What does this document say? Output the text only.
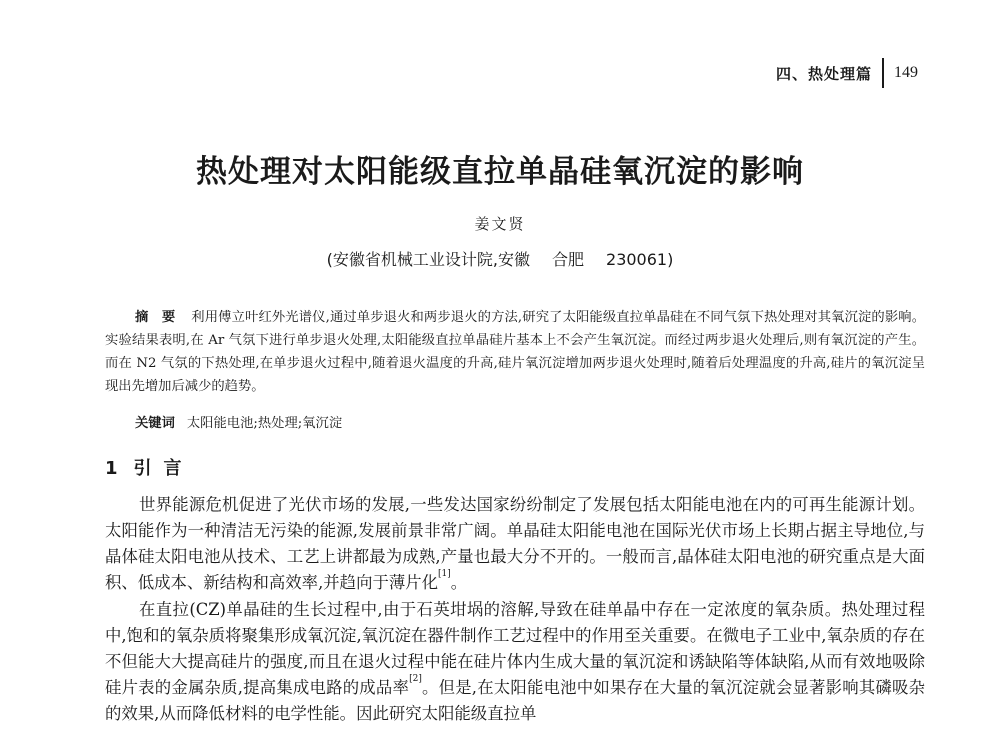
四、热处理篇	149
热处理对太阳能级直拉单晶硅氧沉淀的影响

姜文贤

(安徽省机械工业设计院,安徽 合肥 230061)

摘　要 利用傅立叶红外光谱仪,通过单步退火和两步退火的方法,研究了太阳能级直拉单晶硅在不同气氛下热处理对其氧沉淀的影响。实验结果表明,在 Ar 气氛下进行单步退火处理,太阳能级直拉单晶硅片基本上不会产生氧沉淀。而经过两步退火处理后,则有氧沉淀的产生。而在 N2 气氛的下热处理,在单步退火过程中,随着退火温度的升高,硅片氧沉淀增加两步退火处理时,随着后处理温度的升高,硅片的氧沉淀呈现出先增加后减少的趋势。

关键词 太阳能电池;热处理;氧沉淀

1 引言

世界能源危机促进了光伏市场的发展,一些发达国家纷纷制定了发展包括太阳能电池在内的可再生能源计划。太阳能作为一种清洁无污染的能源,发展前景非常广阔。单晶硅太阳能电池在国际光伏市场上长期占据主导地位,与晶体硅太阳电池从技术、工艺上讲都最为成熟,产量也最大分不开的。一般而言,晶体硅太阳电池的研究重点是大面积、低成本、新结构和高效率,并趋向于薄片化[1]。

在直拉(CZ)单晶硅的生长过程中,由于石英坩埚的溶解,导致在硅单晶中存在一定浓度的氧杂质。热处理过程中,饱和的氧杂质将聚集形成氧沉淀,氧沉淀在器件制作工艺过程中的作用至关重要。在微电子工业中,氧杂质的存在不但能大大提高硅片的强度,而且在退火过程中能在硅片体内生成大量的氧沉淀和诱缺陷等体缺陷,从而有效地吸除硅片表的金属杂质,提高集成电路的成品率[2]。但是,在太阳能电池中如果存在大量的氧沉淀就会显著影响其磷吸杂的效果,从而降低材料的电学性能。因此研究太阳能级直拉单
